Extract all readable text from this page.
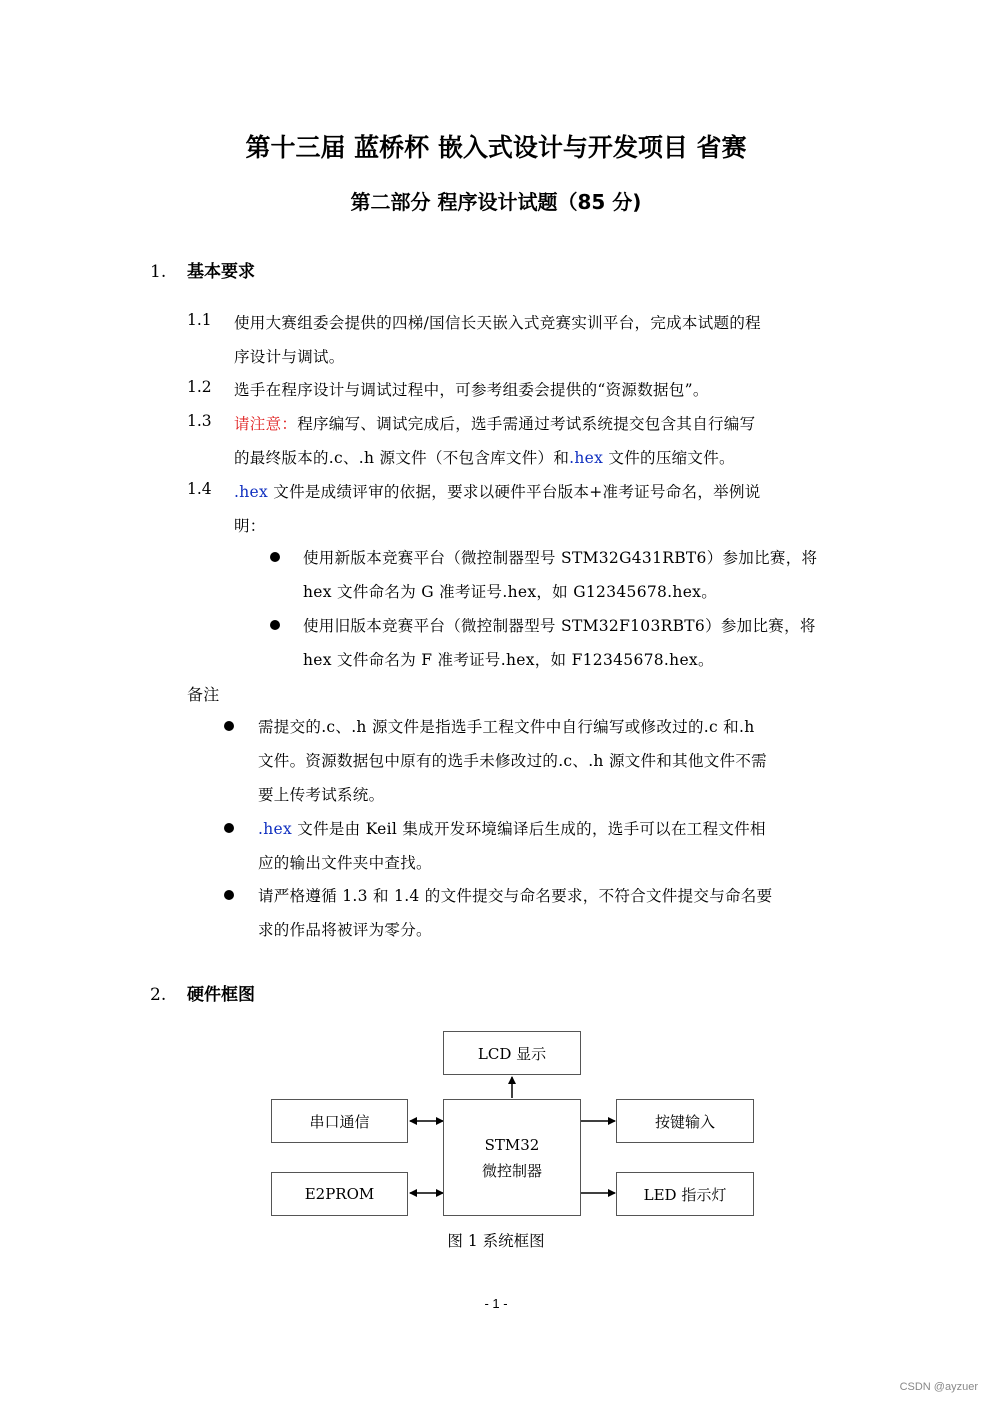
第十三届 蓝桥杯 嵌入式设计与开发项目 省赛
第二部分 程序设计试题（85 分)
1. 基本要求
1.1 使用大赛组委会提供的四梯/国信长天嵌入式竞赛实训平台，完成本试题的程
序设计与调试。
1.2 选手在程序设计与调试过程中，可参考组委会提供的“资源数据包”。
1.3 请注意：程序编写、调试完成后，选手需通过考试系统提交包含其自行编写
的最终版本的.c、.h 源文件（不包含库文件）和.hex 文件的压缩文件。
1.4 .hex 文件是成绩评审的依据，要求以硬件平台版本+准考证号命名，举例说
明：
使用新版本竞赛平台（微控制器型号 STM32G431RBT6）参加比赛，将
hex 文件命名为 G 准考证号.hex，如 G12345678.hex。
使用旧版本竞赛平台（微控制器型号 STM32F103RBT6）参加比赛，将
hex 文件命名为 F 准考证号.hex，如 F12345678.hex。
备注
需提交的.c、.h 源文件是指选手工程文件中自行编写或修改过的.c 和.h
文件。资源数据包中原有的选手未修改过的.c、.h 源文件和其他文件不需
要上传考试系统。
.hex 文件是由 Keil 集成开发环境编译后生成的，选手可以在工程文件相
应的输出文件夹中查找。
请严格遵循 1.3 和 1.4 的文件提交与命名要求，不符合文件提交与命名要
求的作品将被评为零分。
2. 硬件框图
LCD 显示
串口通信
STM32
微控制器
按键输入
E2PROM	LED 指示灯
图 1 系统框图
- 1 -
CSDN @ayzuer
